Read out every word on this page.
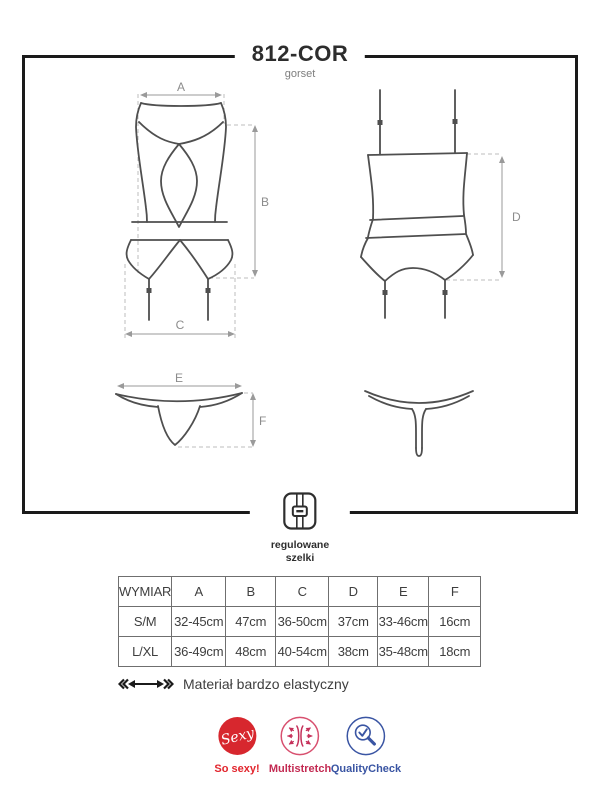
812-COR
gorset
A
B
C
D
E
F
regulowane
szelki
WYMIAR	A	B	C	D	E	F
S/M	32-45cm	47cm	36-50cm	37cm	33-46cm	16cm
L/XL	36-49cm	48cm	40-54cm	38cm	35-48cm	18cm
Materiał bardzo elastyczny
Sexy
So sexy! Multistretch QualityCheck
